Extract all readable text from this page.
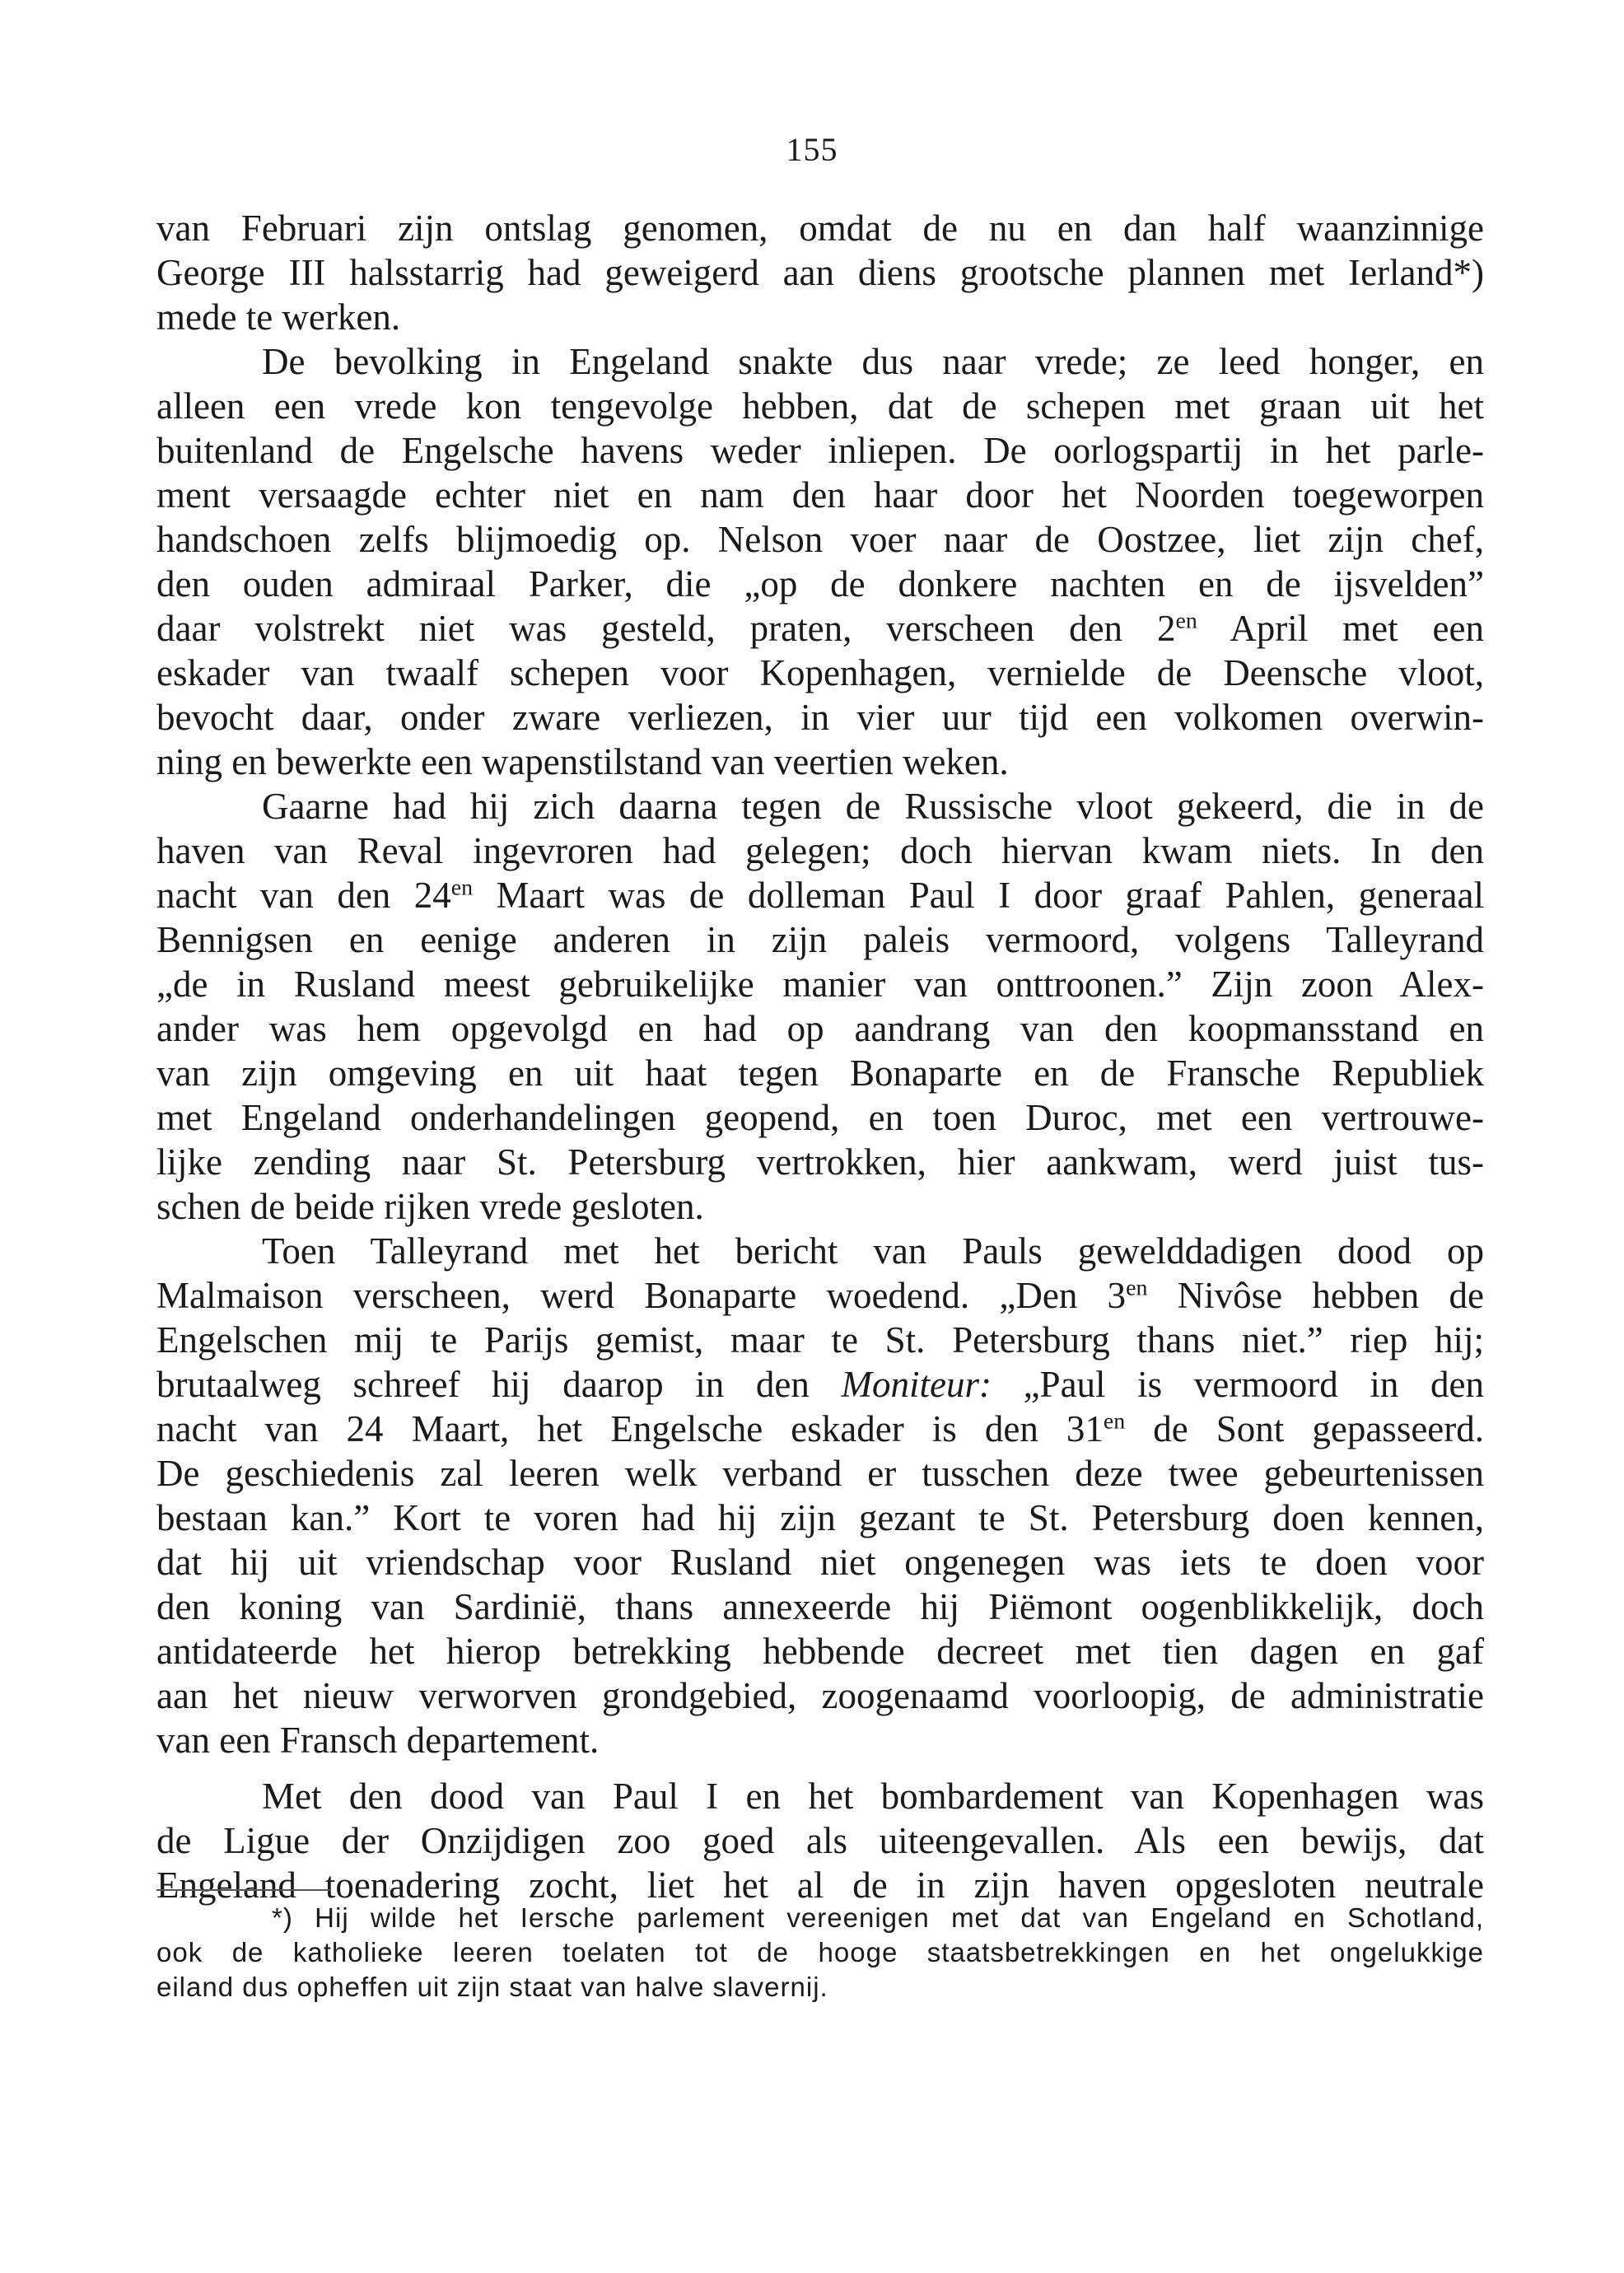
155
van Februari zijn ontslag genomen, omdat de nu en dan half waanzinnige
George III halsstarrig had geweigerd aan diens grootsche plannen met Ierland*)
mede te werken.
De bevolking in Engeland snakte dus naar vrede; ze leed honger, en
alleen een vrede kon tengevolge hebben, dat de schepen met graan uit het
buitenland de Engelsche havens weder inliepen. De oorlogspartij in het parle-
ment versaagde echter niet en nam den haar door het Noorden toegeworpen
handschoen zelfs blijmoedig op. Nelson voer naar de Oostzee, liet zijn chef,
den ouden admiraal Parker, die „op de donkere nachten en de ijsvelden”
daar volstrekt niet was gesteld, praten, verscheen den $2^{en}$ April met een
eskader van twaalf schepen voor Kopenhagen, vernielde de Deensche vloot,
bevocht daar, onder zware verliezen, in vier uur tijd een volkomen overwin-
ning en bewerkte een wapenstilstand van veertien weken.
Gaarne had hij zich daarna tegen de Russische vloot gekeerd, die in de
haven van Reval ingevroren had gelegen; doch hiervan kwam niets. In den
nacht van den $24^{en}$ Maart was de dolleman Paul I door graaf Pahlen, generaal
Bennigsen en eenige anderen in zijn paleis vermoord, volgens Talleyrand
„de in Rusland meest gebruikelijke manier van onttroonen.” Zijn zoon Alex-
ander was hem opgevolgd en had op aandrang van den koopmansstand en
van zijn omgeving en uit haat tegen Bonaparte en de Fransche Republiek
met Engeland onderhandelingen geopend, en toen Duroc, met een vertrouwe-
lijke zending naar St. Petersburg vertrokken, hier aankwam, werd juist tus-
schen de beide rijken vrede gesloten.
Toen Talleyrand met het bericht van Pauls gewelddadigen dood op
Malmaison verscheen, werd Bonaparte woedend. „Den $3^{en}$ Nivôse hebben de
Engelschen mij te Parijs gemist, maar te St. Petersburg thans niet.” riep hij;
brutaalweg schreef hij daarop in den Moniteur: „Paul is vermoord in den
nacht van 24 Maart, het Engelsche eskader is den $31^{en}$ de Sont gepasseerd.
De geschiedenis zal leeren welk verband er tusschen deze twee gebeurtenissen
bestaan kan.” Kort te voren had hij zijn gezant te St. Petersburg doen kennen,
dat hij uit vriendschap voor Rusland niet ongenegen was iets te doen voor
den koning van Sardinië, thans annexeerde hij Piëmont oogenblikkelijk, doch
antidateerde het hierop betrekking hebbende decreet met tien dagen en gaf
aan het nieuw verworven grondgebied, zoogenaamd voorloopig, de administratie
van een Fransch departement.
Met den dood van Paul I en het bombardement van Kopenhagen was
de Ligue der Onzijdigen zoo goed als uiteengevallen. Als een bewijs, dat
Engeland toenadering zocht, liet het al de in zijn haven opgesloten neutrale
*) Hij wilde het Iersche parlement vereenigen met dat van Engeland en Schotland,
ook de katholieke leeren toelaten tot de hooge staatsbetrekkingen en het ongelukkige
eiland dus opheffen uit zijn staat van halve slavernij.
